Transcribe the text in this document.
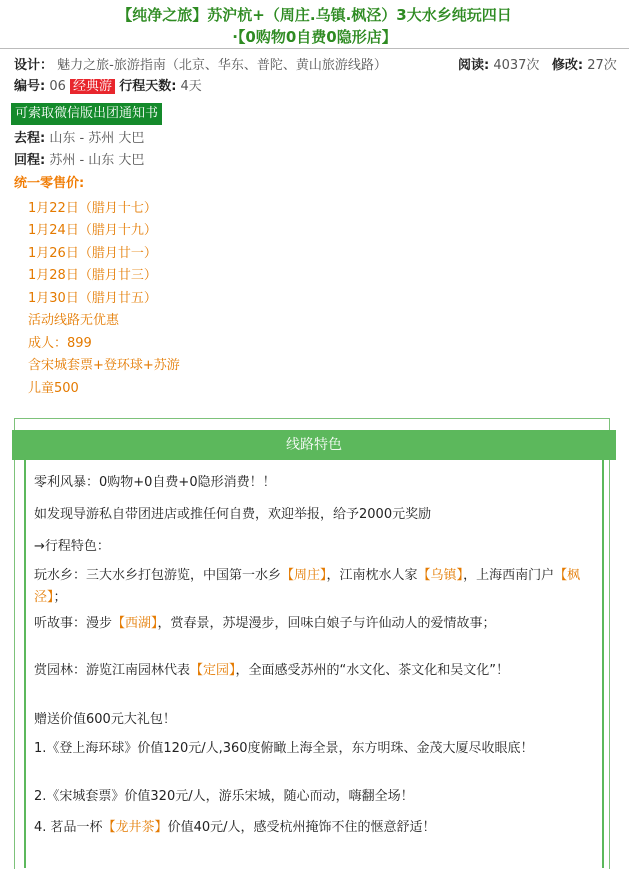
【纯净之旅】苏沪杭+（周庄.乌镇.枫泾）3大水乡纯玩四日
·【0购物0自费0隐形店】
设计： 魅力之旅-旅游指南（北京、华东、普陀、黄山旅游线路）	阅读: 4037次 修改: 27次
编号: 06 经典游 行程天数: 4天
可索取微信版出团通知书
去程: 山东 - 苏州 大巴
回程: 苏州 - 山东 大巴
统一零售价:
1月22日（腊月十七）
1月24日（腊月十九）
1月26日（腊月廿一）
1月28日（腊月廿三）
1月30日（腊月廿五）
活动线路无优惠
成人：899
含宋城套票+登环球+苏游
儿童500
线路特色
零利风暴：0购物+0自费+0隐形消费！！
如发现导游私自带团进店或推任何自费，欢迎举报，给予2000元奖励
→行程特色：
玩水乡：三大水乡打包游览，中国第一水乡【周庄】，江南枕水人家【乌镇】，上海西南门户【枫泾】；
听故事：漫步【西湖】，赏春景，苏堤漫步，回味白娘子与许仙动人的爱情故事；
赏园林：游览江南园林代表【定园】，全面感受苏州的“水文化、茶文化和吴文化”！
赠送价值600元大礼包！
1.《登上海环球》价值120元/人,360度俯瞰上海全景，东方明珠、金茂大厦尽收眼底！
2.《宋城套票》价值320元/人，游乐宋城，随心而动，嗨翻全场！
4. 茗品一杯【龙井茶】价值40元/人，感受杭州掩饰不住的惬意舒适！
